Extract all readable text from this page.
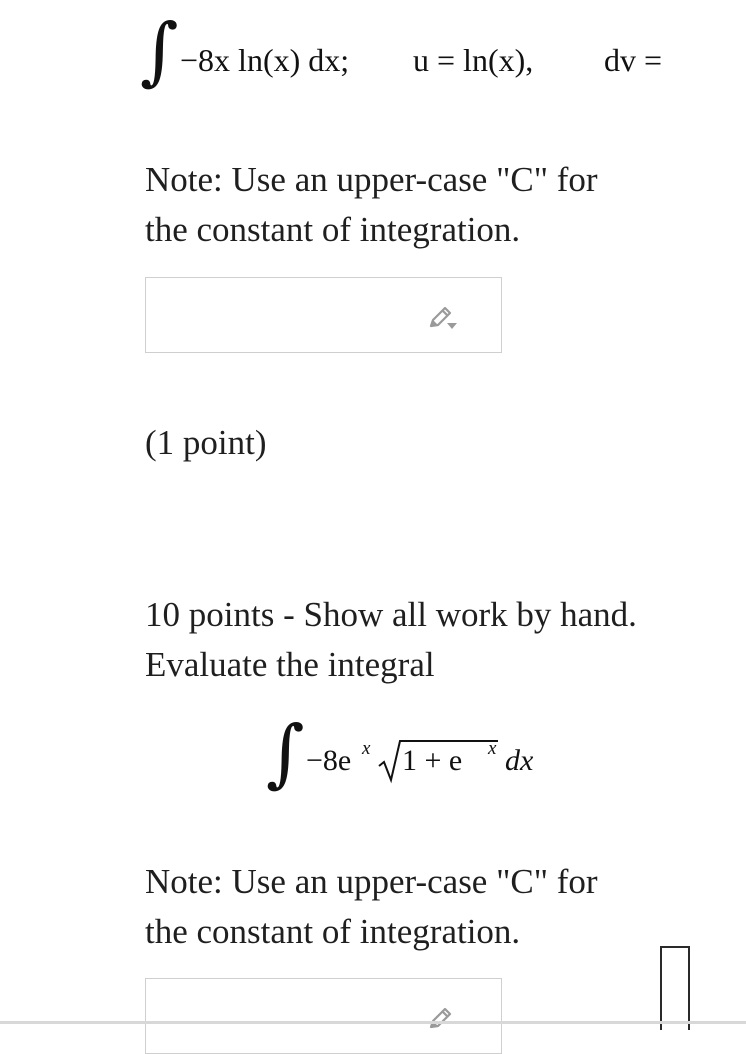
∫ −8x ln(x) dx; u = ln(x), dv =

Note: Use an upper-case "C" for
the constant of integration.

(1 point)

10 points - Show all work by hand.
Evaluate the integral

∫ −8e x 1 + e x dx

Note: Use an upper-case "C" for
the constant of integration.
